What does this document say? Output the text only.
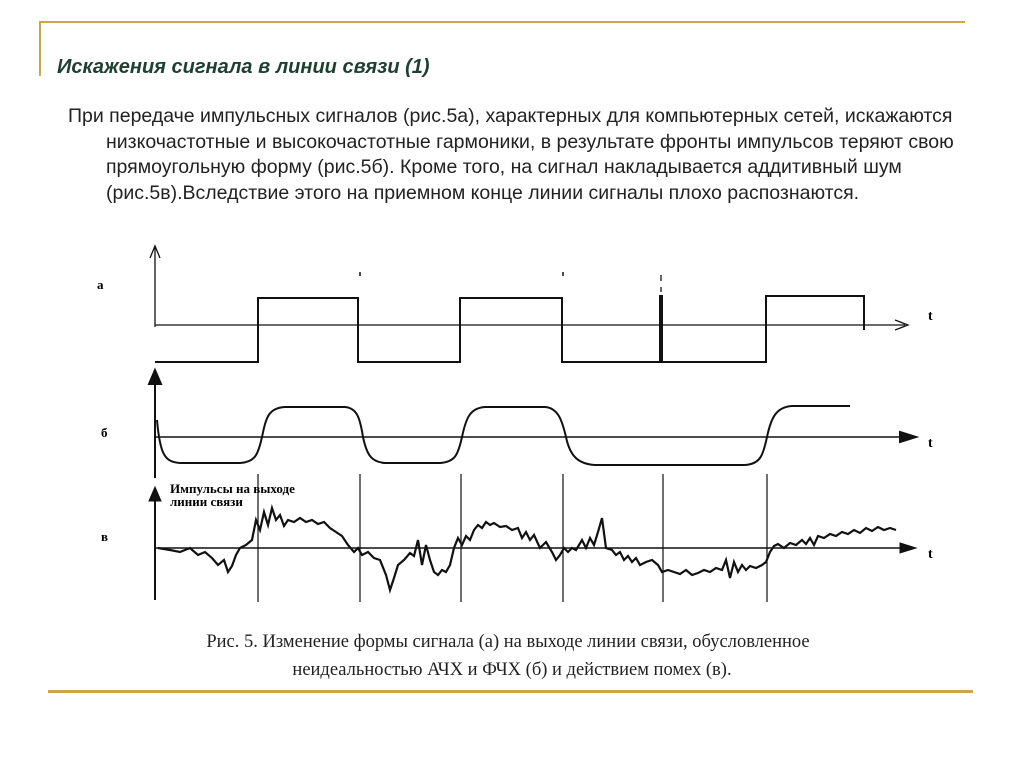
Искажения сигнала в линии связи (1)
При передаче импульсных сигналов (рис.5а), характерных для компьютерных сетей, искажаются низкочастотные и высокочастотные гармоники, в результате фронты импульсов теряют свою прямоугольную форму (рис.5б). Кроме того, на сигнал накладывается аддитивный шум (рис.5в).Вследствие этого на приемном конце линии сигналы плохо распознаются.
а
t
б
t
в
t
Импульсы на выходе
линии связи
Рис. 5. Изменение формы сигнала (а) на выходе линии связи, обусловленное
неидеальностью АЧХ и ФЧХ (б) и действием помех (в).
